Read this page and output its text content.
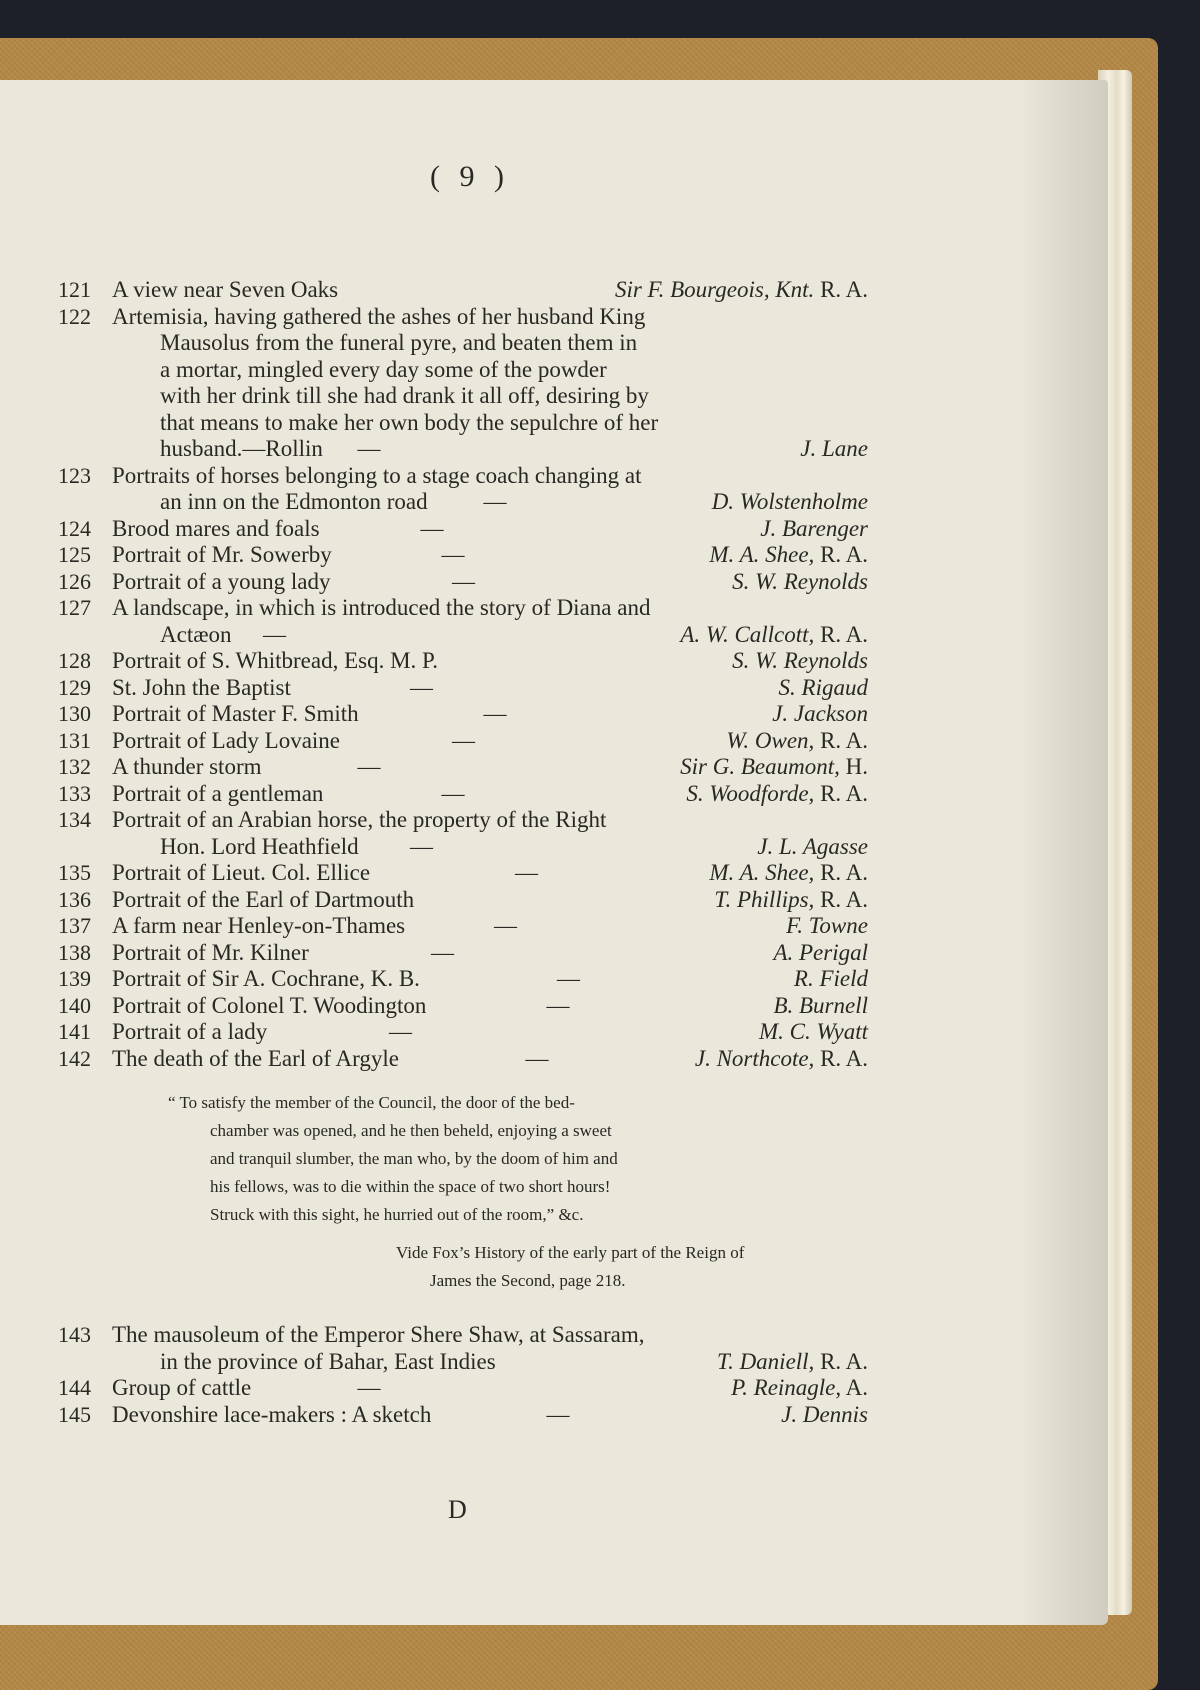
( 9 )
121 A view near Seven Oaks	Sir F. Bourgeois, Knt. R. A.
122 Artemisia, having gathered the ashes of her husband King
Mausolus from the funeral pyre, and beaten them in
a mortar, mingled every day some of the powder
with her drink till she had drank it all off, desiring by
that means to make her own body the sepulchre of her
husband.—Rollin —	J. Lane
123 Portraits of horses belonging to a stage coach changing at
an inn on the Edmonton road —	D. Wolstenholme
124 Brood mares and foals	—	J. Barenger
125 Portrait of Mr. Sowerby	—	M. A. Shee, R. A.
126 Portrait of a young lady	—	S. W. Reynolds
127 A landscape, in which is introduced the story of Diana and
Actæon —	A. W. Callcott, R. A.
128 Portrait of S. Whitbread, Esq. M. P.	S. W. Reynolds
129 St. John the Baptist	—	S. Rigaud
130 Portrait of Master F. Smith	—	J. Jackson
131 Portrait of Lady Lovaine	—	W. Owen, R. A.
132 A thunder storm	—	Sir G. Beaumont, H.
133 Portrait of a gentleman	—	S. Woodforde, R. A.
134 Portrait of an Arabian horse, the property of the Right
Hon. Lord Heathfield —	J. L. Agasse
135 Portrait of Lieut. Col. Ellice	—	M. A. Shee, R. A.
136 Portrait of the Earl of Dartmouth	T. Phillips, R. A.
137 A farm near Henley-on-Thames	—	F. Towne
138 Portrait of Mr. Kilner	—	A. Perigal
139 Portrait of Sir A. Cochrane, K. B.	—	R. Field
140 Portrait of Colonel T. Woodington	—	B. Burnell
141 Portrait of a lady	—	M. C. Wyatt
142 The death of the Earl of Argyle	—	J. Northcote, R. A.
“ To satisfy the member of the Council, the door of the bed-
chamber was opened, and he then beheld, enjoying a sweet
and tranquil slumber, the man who, by the doom of him and
his fellows, was to die within the space of two short hours!
Struck with this sight, he hurried out of the room,” &c.
Vide Fox’s History of the early part of the Reign of
James the Second, page 218.
143 The mausoleum of the Emperor Shere Shaw, at Sassaram,
in the province of Bahar, East Indies	T. Daniell, R. A.
144 Group of cattle	—	P. Reinagle, A.
145 Devonshire lace-makers : A sketch	—	J. Dennis
D
